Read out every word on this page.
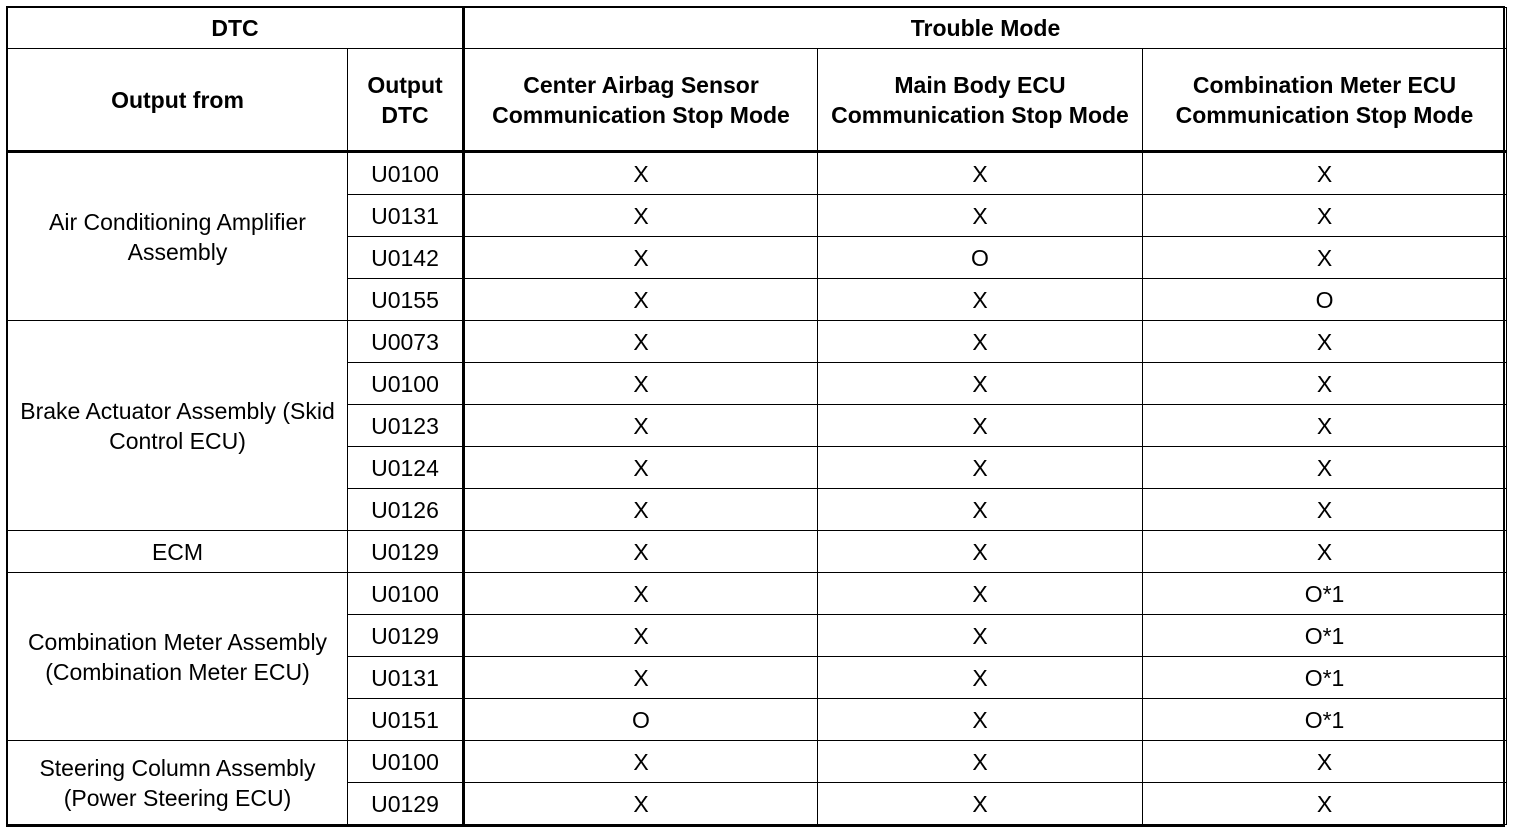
DTC		Trouble Mode		
Output from	Output DTC	Center Airbag Sensor Communication Stop Mode	Main Body ECU Communication Stop Mode	Combination Meter ECU Communication Stop Mode
Air Conditioning Amplifier Assembly	U0100	X	X	X
	U0131	X	X	X
	U0142	X	O	X
	U0155	X	X	O
Brake Actuator Assembly (Skid Control ECU)	U0073	X	X	X
	U0100	X	X	X
	U0123	X	X	X
	U0124	X	X	X
	U0126	X	X	X
ECM	U0129	X	X	X
Combination Meter Assembly (Combination Meter ECU)	U0100	X	X	O*1
	U0129	X	X	O*1
	U0131	X	X	O*1
	U0151	O	X	O*1
Steering Column Assembly (Power Steering ECU)	U0100	X	X	X
	U0129	X	X	X
